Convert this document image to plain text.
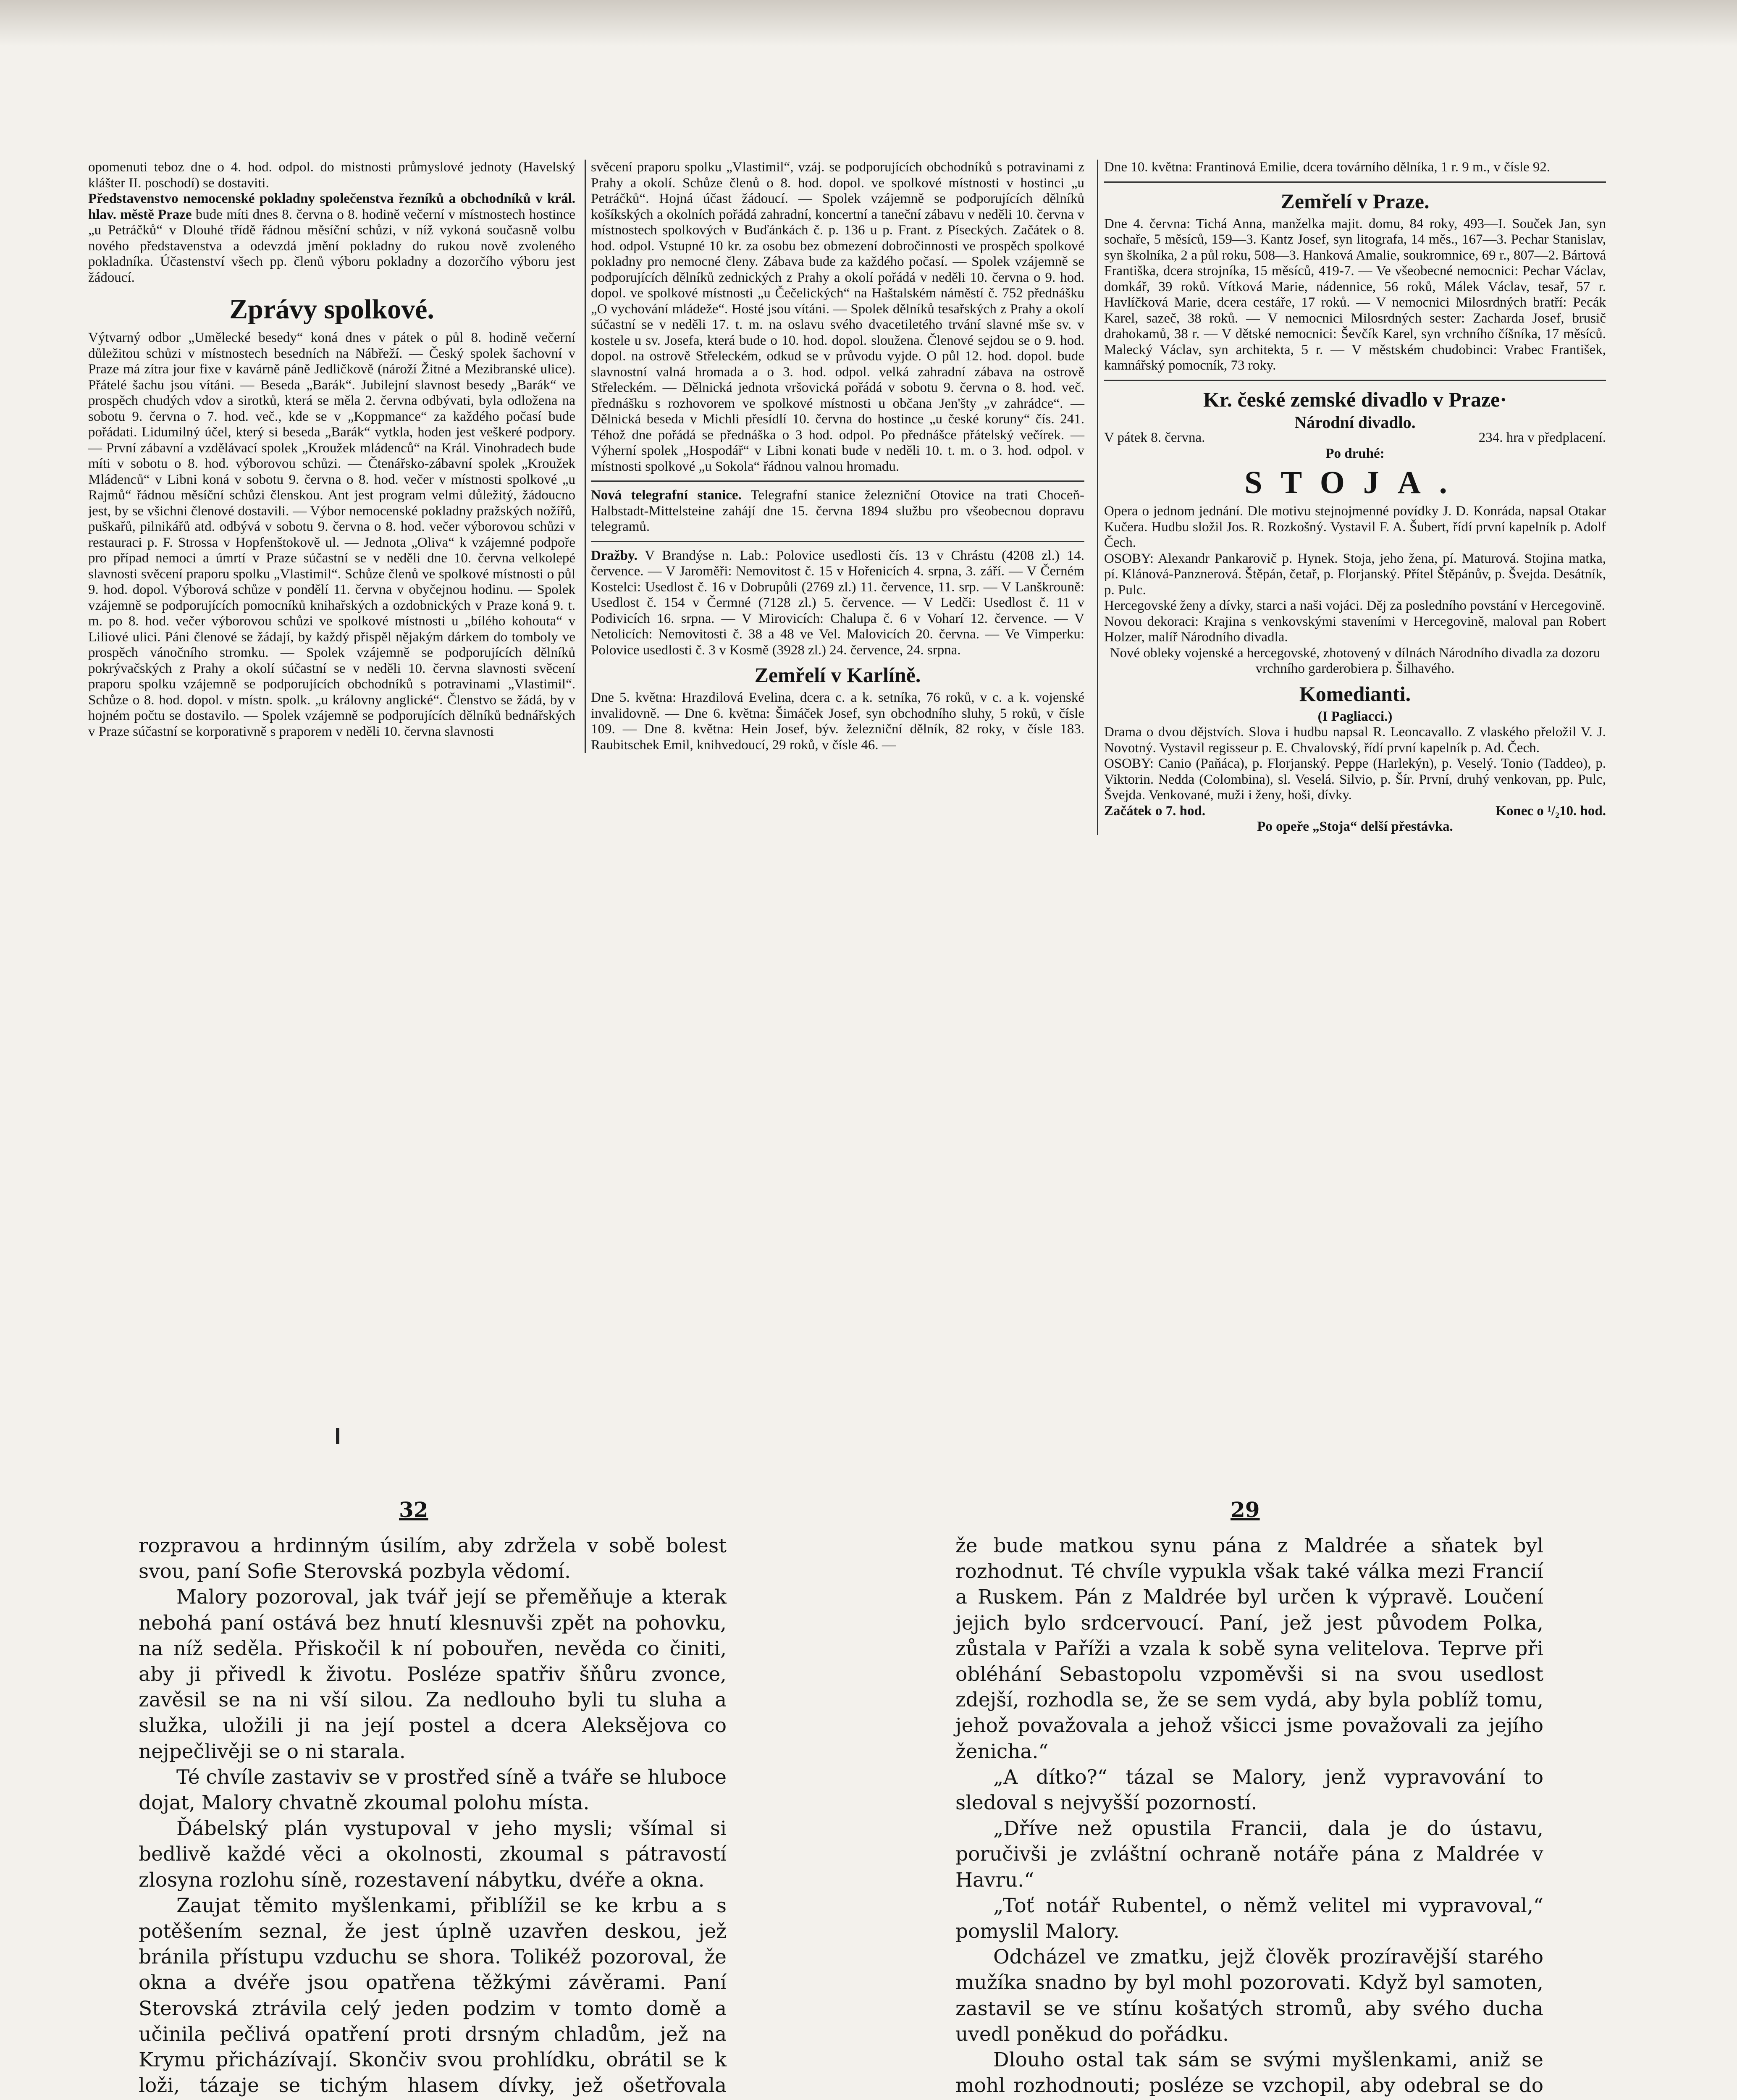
opomenuti teboz dne o 4. hod. odpol. do mistnosti průmyslové jednoty (Havelský klášter II. poschodí) se dostaviti.

Představenstvo nemocenské pokladny společenstva řezníků a obchodníků v král. hlav. městě Praze bude míti dnes 8. června o 8. hodině večerní v místnostech hostince „u Petráčků“ v Dlouhé třídě řádnou měsíční schůzi, v níž vykoná současně volbu nového představenstva a odevzdá jmění pokladny do rukou nově zvoleného pokladníka. Účastenství všech pp. členů výboru pokladny a dozorčího výboru jest žádoucí.

Zprávy spolkové.

Výtvarný odbor „Umělecké besedy“ koná dnes v pátek o půl 8. hodině večerní důležitou schůzi v místnostech besedních na Nábřeží. — Český spolek šachovní v Praze má zítra jour fixe v kavárně páně Jedličkově (nároží Žitné a Mezibranské ulice). Přátelé šachu jsou vítáni. — Beseda „Barák“. Jubilejní slavnost besedy „Barák“ ve prospěch chudých vdov a sirotků, která se měla 2. června odbývati, byla odložena na sobotu 9. června o 7. hod. več., kde se v „Koppmance“ za každého počasí bude pořádati. Lidumilný účel, který si beseda „Barák“ vytkla, hoden jest veškeré podpory. — První zábavní a vzdělávací spolek „Kroužek mládenců“ na Král. Vinohradech bude míti v sobotu o 8. hod. výborovou schůzi. — Čtenářsko-zábavní spolek „Kroužek Mládenců“ v Libni koná v sobotu 9. června o 8. hod. večer v místnosti spolkové „u Rajmů“ řádnou měsíční schůzi členskou. Ant jest program velmi důležitý, žádoucno jest, by se všichni členové dostavili. — Výbor nemocenské pokladny pražských nožířů, puškařů, pilnikářů atd. odbývá v sobotu 9. června o 8. hod. večer výborovou schůzi v restauraci p. F. Strossa v Hopfenštokově ul. — Jednota „Oliva“ k vzájemné podpoře pro případ nemoci a úmrtí v Praze súčastní se v neděli dne 10. června velkolepé slavnosti svěcení praporu spolku „Vlastimil“. Schůze členů ve spolkové místnosti o půl 9. hod. dopol. Výborová schůze v pondělí 11. června v obyčejnou hodinu. — Spolek vzájemně se podporujících pomocníků knihařských a ozdobnických v Praze koná 9. t. m. po 8. hod. večer výborovou schůzi ve spolkové místnosti u „bílého kohouta“ v Liliové ulici. Páni členové se žádají, by každý přispěl nějakým dárkem do tomboly ve prospěch vánočního stromku. — Spolek vzájemně se podporujících dělníků pokrývačských z Prahy a okolí súčastní se v neděli 10. června slavnosti svěcení praporu spolku vzájemně se podporujících obchodníků s potravinami „Vlastimil“. Schůze o 8. hod. dopol. v místn. spolk. „u královny anglické“. Členstvo se žádá, by v hojném počtu se dostavilo. — Spolek vzájemně se podporujících dělníků bednářských v Praze súčastní se korporativně s praporem v neděli 10. června slavnosti

svěcení praporu spolku „Vlastimil“, vzáj. se podporujících obchodníků s potravinami z Prahy a okolí. Schůze členů o 8. hod. dopol. ve spolkové místnosti v hostinci „u Petráčků“. Hojná účast žádoucí. — Spolek vzájemně se podporujících dělníků košíkských a okolních pořádá zahradní, koncertní a taneční zábavu v neděli 10. června v místnostech spolkových v Buďánkách č. p. 136 u p. Frant. z Píseckých. Začátek o 8. hod. odpol. Vstupné 10 kr. za osobu bez obmezení dobročinnosti ve prospěch spolkové pokladny pro nemocné členy. Zábava bude za každého počasí. — Spolek vzájemně se podporujících dělníků zednických z Prahy a okolí pořádá v neděli 10. června o 9. hod. dopol. ve spolkové místnosti „u Čečelických“ na Haštalském náměstí č. 752 přednášku „O vychování mládeže“. Hosté jsou vítáni. — Spolek dělníků tesařských z Prahy a okolí súčastní se v neděli 17. t. m. na oslavu svého dvacetiletého trvání slavné mše sv. v kostele u sv. Josefa, která bude o 10. hod. dopol. sloužena. Členové sejdou se o 9. hod. dopol. na ostrově Střeleckém, odkud se v průvodu vyjde. O půl 12. hod. dopol. bude slavnostní valná hromada a o 3. hod. odpol. velká zahradní zábava na ostrově Střeleckém. — Dělnická jednota vršovická pořádá v sobotu 9. června o 8. hod. več. přednášku s rozhovorem ve spolkové místnosti u občana Jen'šty „v zahrádce“. — Dělnická beseda v Michli přesídlí 10. června do hostince „u české koruny“ čís. 241. Téhož dne pořádá se přednáška o 3 hod. odpol. Po přednášce přátelský večírek. — Výherní spolek „Hospodář“ v Libni konati bude v neděli 10. t. m. o 3. hod. odpol. v místnosti spolkové „u Sokola“ řádnou valnou hromadu.

Nová telegrafní stanice. Telegrafní stanice železniční Otovice na trati Choceň-Halbstadt-Mittelsteine zahájí dne 15. června 1894 službu pro všeobecnou dopravu telegramů.

Dražby. V Brandýse n. Lab.: Polovice usedlosti čís. 13 v Chrástu (4208 zl.) 14. července. — V Jaroměři: Nemovitost č. 15 v Hořenicích 4. srpna, 3. září. — V Černém Kostelci: Usedlost č. 16 v Dobrupůli (2769 zl.) 11. července, 11. srp. — V Lanškrouně: Usedlost č. 154 v Čermné (7128 zl.) 5. července. — V Ledči: Usedlost č. 11 v Podivicích 16. srpna. — V Mirovicích: Chalupa č. 6 v Voharí 12. července. — V Netolicích: Nemovitosti č. 38 a 48 ve Vel. Malovicích 20. června. — Ve Vimperku: Polovice usedlosti č. 3 v Kosmě (3928 zl.) 24. července, 24. srpna.

Zemřelí v Karlíně.

Dne 5. května: Hrazdilová Evelina, dcera c. a k. setníka, 76 roků, v c. a k. vojenské invalidovně. — Dne 6. května: Šimáček Josef, syn obchodního sluhy, 5 roků, v čísle 109. — Dne 8. května: Hein Josef, býv. železniční dělník, 82 roky, v čísle 183. Raubitschek Emil, knihvedoucí, 29 roků, v čísle 46. —

Dne 10. května: Frantinová Emilie, dcera továrního dělníka, 1 r. 9 m., v čísle 92.

Zemřelí v Praze.

Dne 4. června: Tichá Anna, manželka majit. domu, 84 roky, 493—I. Souček Jan, syn sochaře, 5 měsíců, 159—3. Kantz Josef, syn litografa, 14 měs., 167—3. Pechar Stanislav, syn školníka, 2 a půl roku, 508—3. Hanková Amalie, soukromnice, 69 r., 807—2. Bártová Františka, dcera strojníka, 15 měsíců, 419-7. — Ve všeobecné nemocnici: Pechar Václav, domkář, 39 roků. Vítková Marie, nádennice, 56 roků, Málek Václav, tesař, 57 r. Havlíčková Marie, dcera cestáře, 17 roků. — V nemocnici Milosrdných bratří: Pecák Karel, sazeč, 38 roků. — V nemocnici Milosrdných sester: Zacharda Josef, brusič drahokamů, 38 r. — V dětské nemocnici: Ševčík Karel, syn vrchního číšníka, 17 měsíců. Malecký Václav, syn architekta, 5 r. — V městském chudobinci: Vrabec František, kamnářský pomocník, 73 roky.

Kr. české zemské divadlo v Praze·
Národní divadlo.
V pátek 8. června.	234. hra v předplacení.
Po druhé:
STOJA.

Opera o jednom jednání. Dle motivu stejnojmenné povídky J. D. Konráda, napsal Otakar Kučera. Hudbu složil Jos. R. Rozkošný. Vystavil F. A. Šubert, řídí první kapelník p. Adolf Čech.

OSOBY: Alexandr Pankarovič p. Hynek. Stoja, jeho žena, pí. Maturová. Stojina matka, pí. Klánová-Panznerová. Štěpán, četař, p. Florjanský. Přítel Štěpánův, p. Švejda. Desátník, p. Pulc.

Hercegovské ženy a dívky, starci a naši vojáci. Děj za posledního povstání v Hercegovině.

Novou dekoraci: Krajina s venkovskými staveními v Hercegovině, maloval pan Robert Holzer, malíř Národního divadla.

Nové obleky vojenské a hercegovské, zhotovený v dílnách Národního divadla za dozoru vrchního garderobiera p. Šilhavého.

Komedianti.
(I Pagliacci.)

Drama o dvou dějstvích. Slova i hudbu napsal R. Leoncavallo. Z vlaského přeložil V. J. Novotný. Vystavil regisseur p. E. Chvalovský, řídí první kapelník p. Ad. Čech.

OSOBY: Canio (Paňáca), p. Florjanský. Peppe (Harlekýn), p. Veselý. Tonio (Taddeo), p. Viktorin. Nedda (Colombina), sl. Veselá. Silvio, p. Šír. První, druhý venkovan, pp. Pulc, Švejda. Venkované, muži i ženy, hoši, dívky.

Začátek o 7. hod.	Konec o ¹/₂10. hod.
Po opeře „Stoja“ delší přestávka.
32	29

rozpravou a hrdinným úsilím, aby zdržela v sobě bolest svou, paní Sofie Sterovská pozbyla vědomí.

Malory pozoroval, jak tvář její se přeměňuje a kterak nebohá paní ostává bez hnutí klesnuvši zpět na pohovku, na níž seděla. Přiskočil k ní pobouřen, nevěda co činiti, aby ji přivedl k životu. Posléze spatřiv šňůru zvonce, zavěsil se na ni vší silou. Za nedlouho byli tu sluha a služka, uložili ji na její postel a dcera Aleksějova co nejpečlivěji se o ni starala.

Té chvíle zastaviv se v prostřed síně a tváře se hluboce dojat, Malory chvatně zkoumal polohu místa.

Ďábelský plán vystupoval v jeho mysli; všímal si bedlivě každé věci a okolnosti, zkoumal s pátravostí zlosyna rozlohu síně, rozestavení nábytku, dvéře a okna.

Zaujat těmito myšlenkami, přiblížil se ke krbu a s potěšením seznal, že jest úplně uzavřen deskou, jež bránila přístupu vzduchu se shora. Tolikéž pozoroval, že okna a dvéře jsou opatřena těžkými závěrami. Paní Sterovská ztrávila celý jeden podzim v tomto domě a učinila pečlivá opatření proti drsným chladům, jež na Krymu přicházívají. Skončiv svou prohlídku, obrátil se k loži, tázaje se tichým hlasem dívky, jež ošetřovala

že bude matkou synu pána z Maldrée a sňatek byl rozhodnut. Té chvíle vypukla však také válka mezi Francií a Ruskem. Pán z Maldrée byl určen k výpravě. Loučení jejich bylo srdcervoucí. Paní, jež jest původem Polka, zůstala v Paříži a vzala k sobě syna velitelova. Teprve při obléhání Sebastopolu vzpoměvši si na svou usedlost zdejší, rozhodla se, že se sem vydá, aby byla poblíž tomu, jehož považovala a jehož všicci jsme považovali za jejího ženicha.“

„A dítko?“ tázal se Malory, jenž vypravování to sledoval s nejvyšší pozorností.

„Dříve než opustila Francii, dala je do ústavu, poručivši je zvláštní ochraně notáře pána z Maldrée v Havru.“

„Toť notář Rubentel, o němž velitel mi vypravoval,“ pomyslil Malory.

Odcházel ve zmatku, jejž člověk prozíravější starého mužíka snadno by byl mohl pozorovati. Když byl samoten, zastavil se ve stínu košatých stromů, aby svého ducha uvedl poněkud do pořádku.

Dlouho ostal tak sám se svými myšlenkami, aniž se mohl rozhodnouti; posléze se vzchopil, aby odebral se do
